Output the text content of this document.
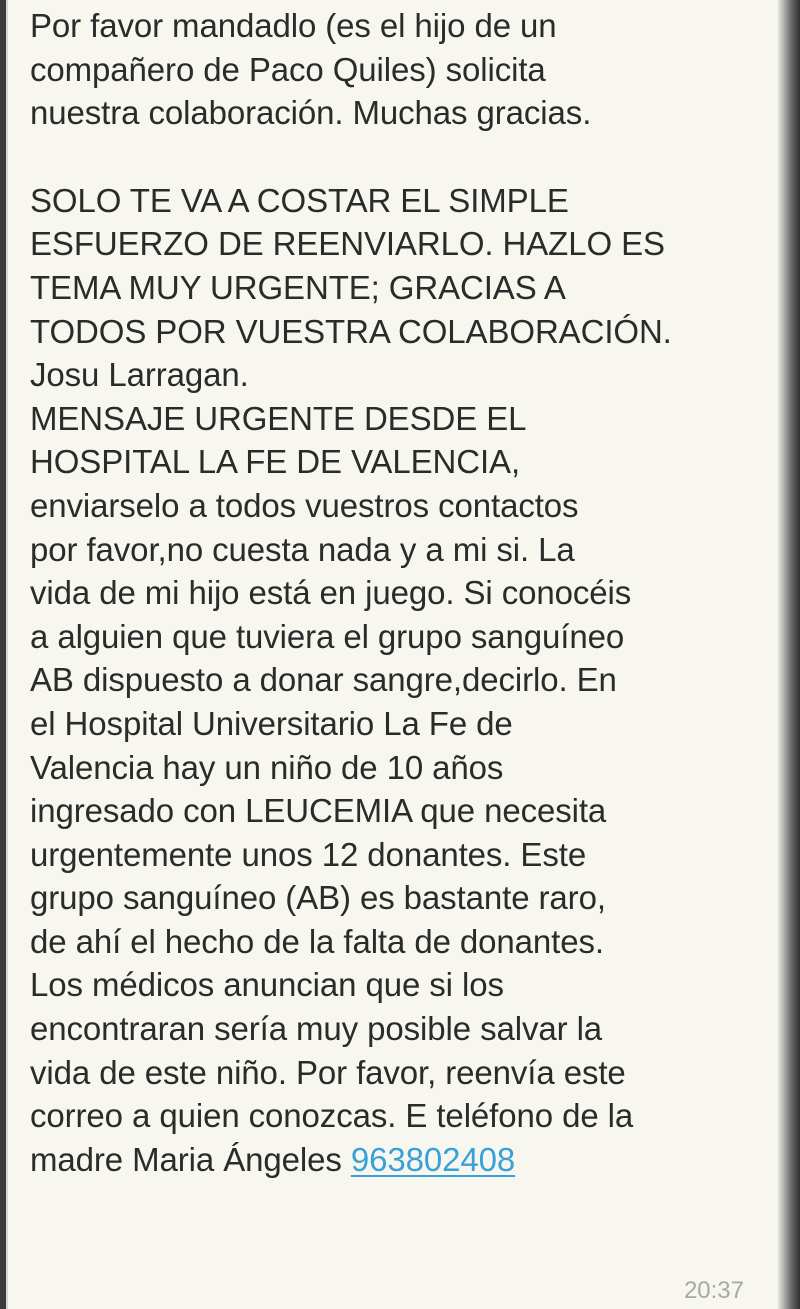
Por favor mandadlo (es el hijo de un
compañero de Paco Quiles) solicita
nuestra colaboración. Muchas gracias.
SOLO TE VA A COSTAR EL SIMPLE
ESFUERZO DE REENVIARLO. HAZLO ES
TEMA MUY URGENTE; GRACIAS A
TODOS POR VUESTRA COLABORACIÓN.
Josu Larragan.
MENSAJE URGENTE DESDE EL
HOSPITAL LA FE DE VALENCIA,
enviarselo a todos vuestros contactos
por favor,no cuesta nada y a mi si. La
vida de mi hijo está en juego. Si conocéis
a alguien que tuviera el grupo sanguíneo
AB dispuesto a donar sangre,decirlo. En
el Hospital Universitario La Fe de
Valencia hay un niño de 10 años
ingresado con LEUCEMIA que necesita
urgentemente unos 12 donantes. Este
grupo sanguíneo (AB) es bastante raro,
de ahí el hecho de la falta de donantes.
Los médicos anuncian que si los
encontraran sería muy posible salvar la
vida de este niño. Por favor, reenvía este
correo a quien conozcas. E teléfono de la
madre Maria Ángeles 963802408
20:37
